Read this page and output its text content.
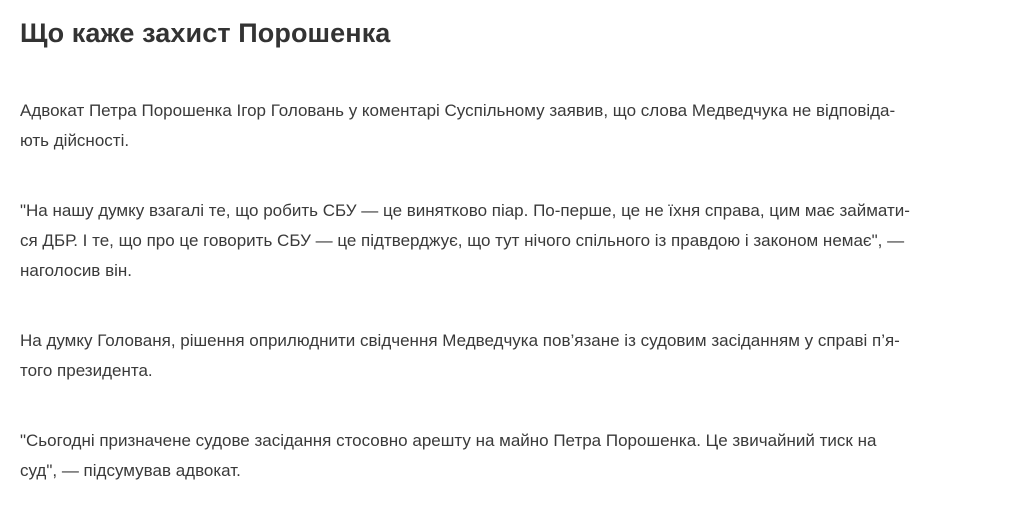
Що каже захист Порошенка

Адвокат Петра Порошенка Ігор Головань у коментарі Суспільному заявив, що слова Медведчука не відповіда-
ють дійсності.

"На нашу думку взагалі те, що робить СБУ — це винятково піар. По-перше, це не їхня справа, цим має займати-
ся ДБР. І те, що про це говорить СБУ — це підтверджує, що тут нічого спільного із правдою і законом немає", —
наголосив він.

На думку Голованя, рішення оприлюднити свідчення Медведчука пов’язане із судовим засіданням у справі п’я-
того президента.

"Сьогодні призначене судове засідання стосовно арешту на майно Петра Порошенка. Це звичайний тиск на
суд", — підсумував адвокат.
